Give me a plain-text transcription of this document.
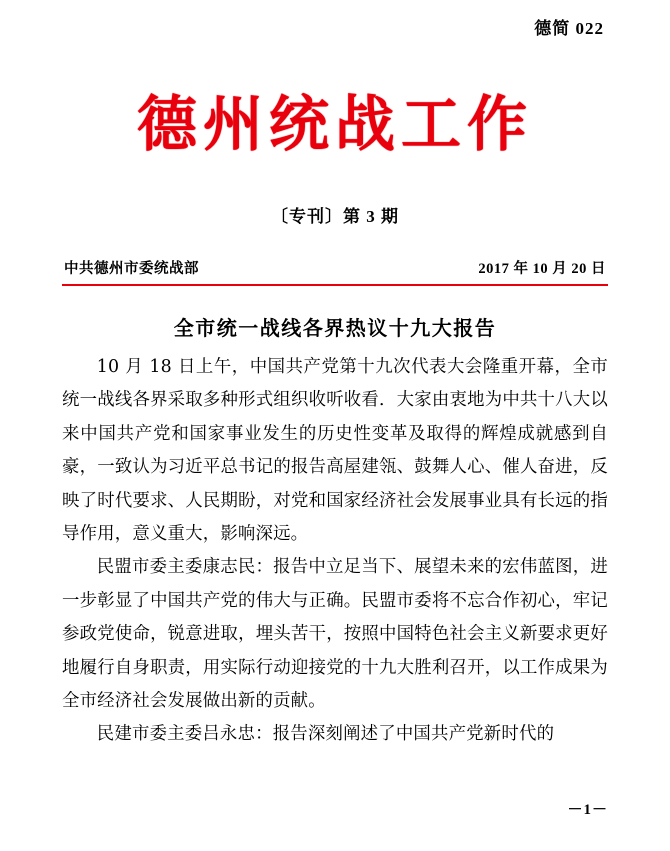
德简 022
德州统战工作
〔专刊〕第 3 期
中共德州市委统战部	2017 年 10 月 20 日
全市统一战线各界热议十九大报告

10 月 18 日上午，中国共产党第十九次代表大会隆重开幕，全市统一战线各界采取多种形式组织收听收看．大家由衷地为中共十八大以来中国共产党和国家事业发生的历史性变革及取得的辉煌成就感到自豪，一致认为习近平总书记的报告高屋建瓴、鼓舞人心、催人奋进，反映了时代要求、人民期盼，对党和国家经济社会发展事业具有长远的指导作用，意义重大，影响深远。

民盟市委主委康志民：报告中立足当下、展望未来的宏伟蓝图，进一步彰显了中国共产党的伟大与正确。民盟市委将不忘合作初心，牢记参政党使命，锐意进取，埋头苦干，按照中国特色社会主义新要求更好地履行自身职责，用实际行动迎接党的十九大胜利召开，以工作成果为全市经济社会发展做出新的贡献。

民建市委主委吕永忠：报告深刻阐述了中国共产党新时代的

－1－
